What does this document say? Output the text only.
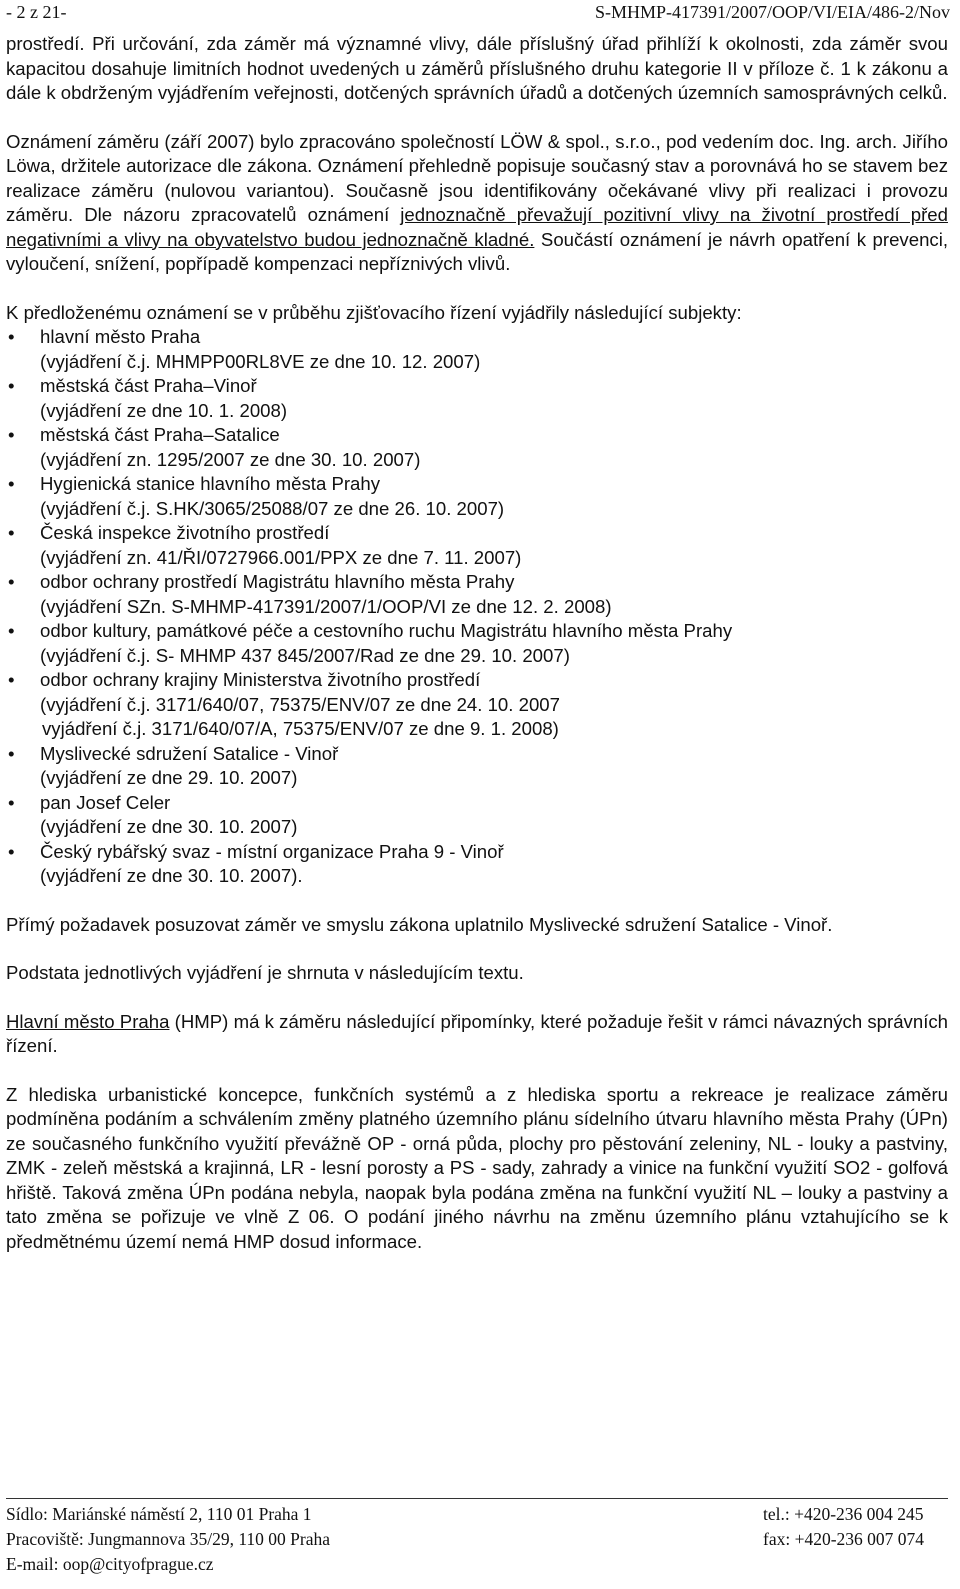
- 2 z 21-	S-MHMP-417391/2007/OOP/VI/EIA/486-2/Nov

prostředí. Při určování, zda záměr má významné vlivy, dále příslušný úřad přihlíží k okolnosti, zda záměr svou kapacitou dosahuje limitních hodnot uvedených u záměrů příslušného druhu kategorie II v příloze č. 1 k zákonu a dále k obdrženým vyjádřením veřejnosti, dotčených správních úřadů a dotčených územních samosprávných celků.

Oznámení záměru (září 2007) bylo zpracováno společností LÖW & spol., s.r.o., pod vedením doc. Ing. arch. Jiřího Löwa, držitele autorizace dle zákona. Oznámení přehledně popisuje současný stav a porovnává ho se stavem bez realizace záměru (nulovou variantou). Současně jsou identifikovány očekávané vlivy při realizaci i provozu záměru. Dle názoru zpracovatelů oznámení jednoznačně převažují pozitivní vlivy na životní prostředí před negativními a vlivy na obyvatelstvo budou jednoznačně kladné. Součástí oznámení je návrh opatření k prevenci, vyloučení, snížení, popřípadě kompenzaci nepříznivých vlivů.

K předloženému oznámení se v průběhu zjišťovacího řízení vyjádřily následující subjekty:

• hlavní město Praha
(vyjádření č.j. MHMPP00RL8VE ze dne 10. 12. 2007)
• městská část Praha–Vinoř
(vyjádření ze dne 10. 1. 2008)
• městská část Praha–Satalice
(vyjádření zn. 1295/2007 ze dne 30. 10. 2007)
• Hygienická stanice hlavního města Prahy
(vyjádření č.j. S.HK/3065/25088/07 ze dne 26. 10. 2007)
• Česká inspekce životního prostředí
(vyjádření zn. 41/ŘI/0727966.001/PPX ze dne 7. 11. 2007)
• odbor ochrany prostředí Magistrátu hlavního města Prahy
(vyjádření SZn. S-MHMP-417391/2007/1/OOP/VI ze dne 12. 2. 2008)
• odbor kultury, památkové péče a cestovního ruchu Magistrátu hlavního města Prahy
(vyjádření č.j. S- MHMP 437 845/2007/Rad ze dne 29. 10. 2007)
• odbor ochrany krajiny Ministerstva životního prostředí
(vyjádření č.j. 3171/640/07, 75375/ENV/07 ze dne 24. 10. 2007
vyjádření č.j. 3171/640/07/A, 75375/ENV/07 ze dne 9. 1. 2008)
• Myslivecké sdružení Satalice - Vinoř
(vyjádření ze dne 29. 10. 2007)
• pan Josef Celer
(vyjádření ze dne 30. 10. 2007)
• Český rybářský svaz - místní organizace Praha 9 - Vinoř
(vyjádření ze dne 30. 10. 2007).

Přímý požadavek posuzovat záměr ve smyslu zákona uplatnilo Myslivecké sdružení Satalice - Vinoř.

Podstata jednotlivých vyjádření je shrnuta v následujícím textu.

Hlavní město Praha (HMP) má k záměru následující připomínky, které požaduje řešit v rámci návazných správních řízení.

Z hlediska urbanistické koncepce, funkčních systémů a z hlediska sportu a rekreace je realizace záměru podmíněna podáním a schválením změny platného územního plánu sídelního útvaru hlavního města Prahy (ÚPn) ze současného funkčního využití převážně OP - orná půda, plochy pro pěstování zeleniny, NL - louky a pastviny, ZMK - zeleň městská a krajinná, LR - lesní porosty a PS - sady, zahrady a vinice na funkční využití SO2 - golfová hřiště. Taková změna ÚPn podána nebyla, naopak byla podána změna na funkční využití NL – louky a pastviny a tato změna se pořizuje ve vlně Z 06. O podání jiného návrhu na změnu územního plánu vztahujícího se k předmětnému území nemá HMP dosud informace.

Sídlo: Mariánské náměstí 2, 110 01 Praha 1
Pracoviště: Jungmannova 35/29, 110 00 Praha
E-mail: oop@cityofprague.cz
tel.: +420-236 004 245
fax: +420-236 007 074
